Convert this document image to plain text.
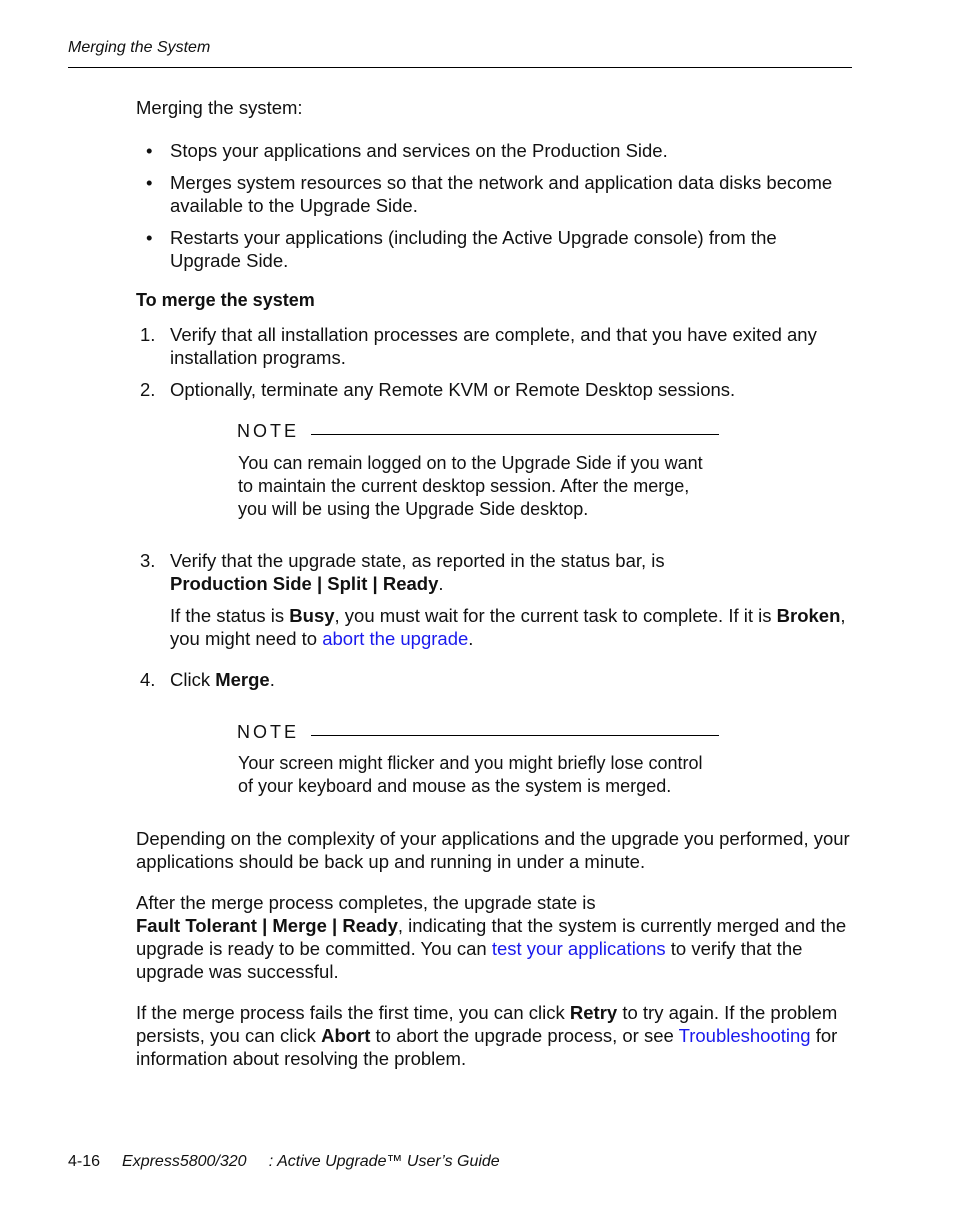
Merging the System
Merging the system:
• Stops your applications and services on the Production Side.
• Merges system resources so that the network and application data disks become available to the Upgrade Side.
• Restarts your applications (including the Active Upgrade console) from the Upgrade Side.
To merge the system
1. Verify that all installation processes are complete, and that you have exited any installation programs.
2. Optionally, terminate any Remote KVM or Remote Desktop sessions.
NOTE
You can remain logged on to the Upgrade Side if you want to maintain the current desktop session. After the merge, you will be using the Upgrade Side desktop.
3. Verify that the upgrade state, as reported in the status bar, is
Production Side | Split | Ready.
If the status is Busy, you must wait for the current task to complete. If it is Broken, you might need to abort the upgrade.
4. Click Merge.
NOTE
Your screen might flicker and you might briefly lose control of your keyboard and mouse as the system is merged.
Depending on the complexity of your applications and the upgrade you performed, your applications should be back up and running in under a minute.
After the merge process completes, the upgrade state is
Fault Tolerant | Merge | Ready, indicating that the system is currently merged and the upgrade is ready to be committed. You can test your applications to verify that the upgrade was successful.
If the merge process fails the first time, you can click Retry to try again. If the problem persists, you can click Abort to abort the upgrade process, or see Troubleshooting for information about resolving the problem.
4-16 Express5800/320     : Active Upgrade™ User’s Guide
